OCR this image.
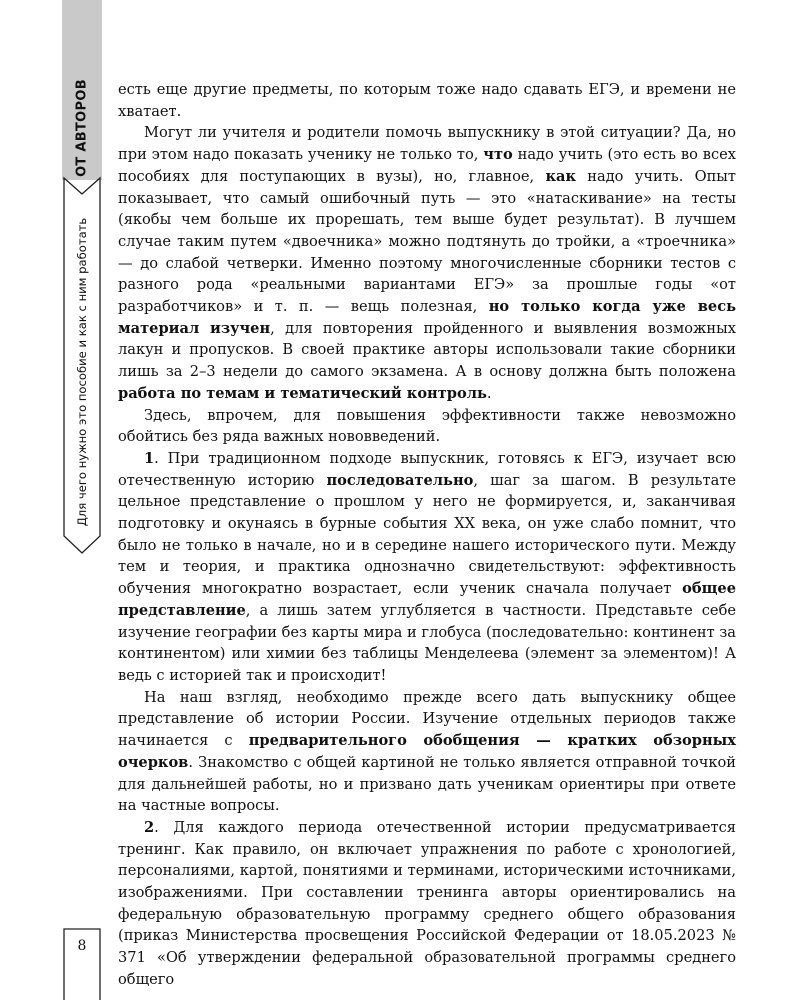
ОТ АВТОРОВ
Для чего нужно это пособие и как с ним работать

есть еще другие предметы, по которым тоже надо сдавать ЕГЭ, и времени не хватает.

Могут ли учителя и родители помочь выпускнику в этой ситуации? Да, но при этом надо показать ученику не только то, что надо учить (это есть во всех пособиях для поступающих в вузы), но, главное, как надо учить. Опыт показывает, что самый ошибочный путь — это «натаскивание» на тесты (якобы чем больше их прорешать, тем выше будет результат). В лучшем случае таким путем «двоечника» можно подтянуть до тройки, а «троечника» — до слабой четверки. Именно поэтому многочисленные сборники тестов с разного рода «реальными вариантами ЕГЭ» за прошлые годы «от разработчиков» и т. п. — вещь полезная, но только когда уже весь материал изучен, для повторения пройденного и выявления возможных лакун и пропусков. В своей практике авторы использовали такие сборники лишь за 2–3 недели до самого экзамена. А в основу должна быть положена работа по темам и тематический контроль.

Здесь, впрочем, для повышения эффективности также невозможно обойтись без ряда важных нововведений.

1. При традиционном подходе выпускник, готовясь к ЕГЭ, изучает всю отечественную историю последовательно, шаг за шагом. В результате цельное представление о прошлом у него не формируется, и, заканчивая подготовку и окунаясь в бурные события XX века, он уже слабо помнит, что было не только в начале, но и в середине нашего исторического пути. Между тем и теория, и практика однозначно свидетельствуют: эффективность обучения многократно возрастает, если ученик сначала получает общее представление, а лишь затем углубляется в частности. Представьте себе изучение географии без карты мира и глобуса (последовательно: континент за континентом) или химии без таблицы Менделеева (элемент за элементом)! А ведь с историей так и происходит!

На наш взгляд, необходимо прежде всего дать выпускнику общее представление об истории России. Изучение отдельных периодов также начинается с предварительного обобщения — кратких обзорных очерков. Знакомство с общей картиной не только является отправной точкой для дальнейшей работы, но и призвано дать ученикам ориентиры при ответе на частные вопросы.

2. Для каждого периода отечественной истории предусматривается тренинг. Как правило, он включает упражнения по работе с хронологией, персоналиями, картой, понятиями и терминами, историческими источниками, изображениями. При составлении тренинга авторы ориентировались на федеральную образовательную программу среднего общего образования (приказ Министерства просвещения Российской Федерации от 18.05.2023 № 371 «Об утверждении федеральной образовательной программы среднего общего

8
